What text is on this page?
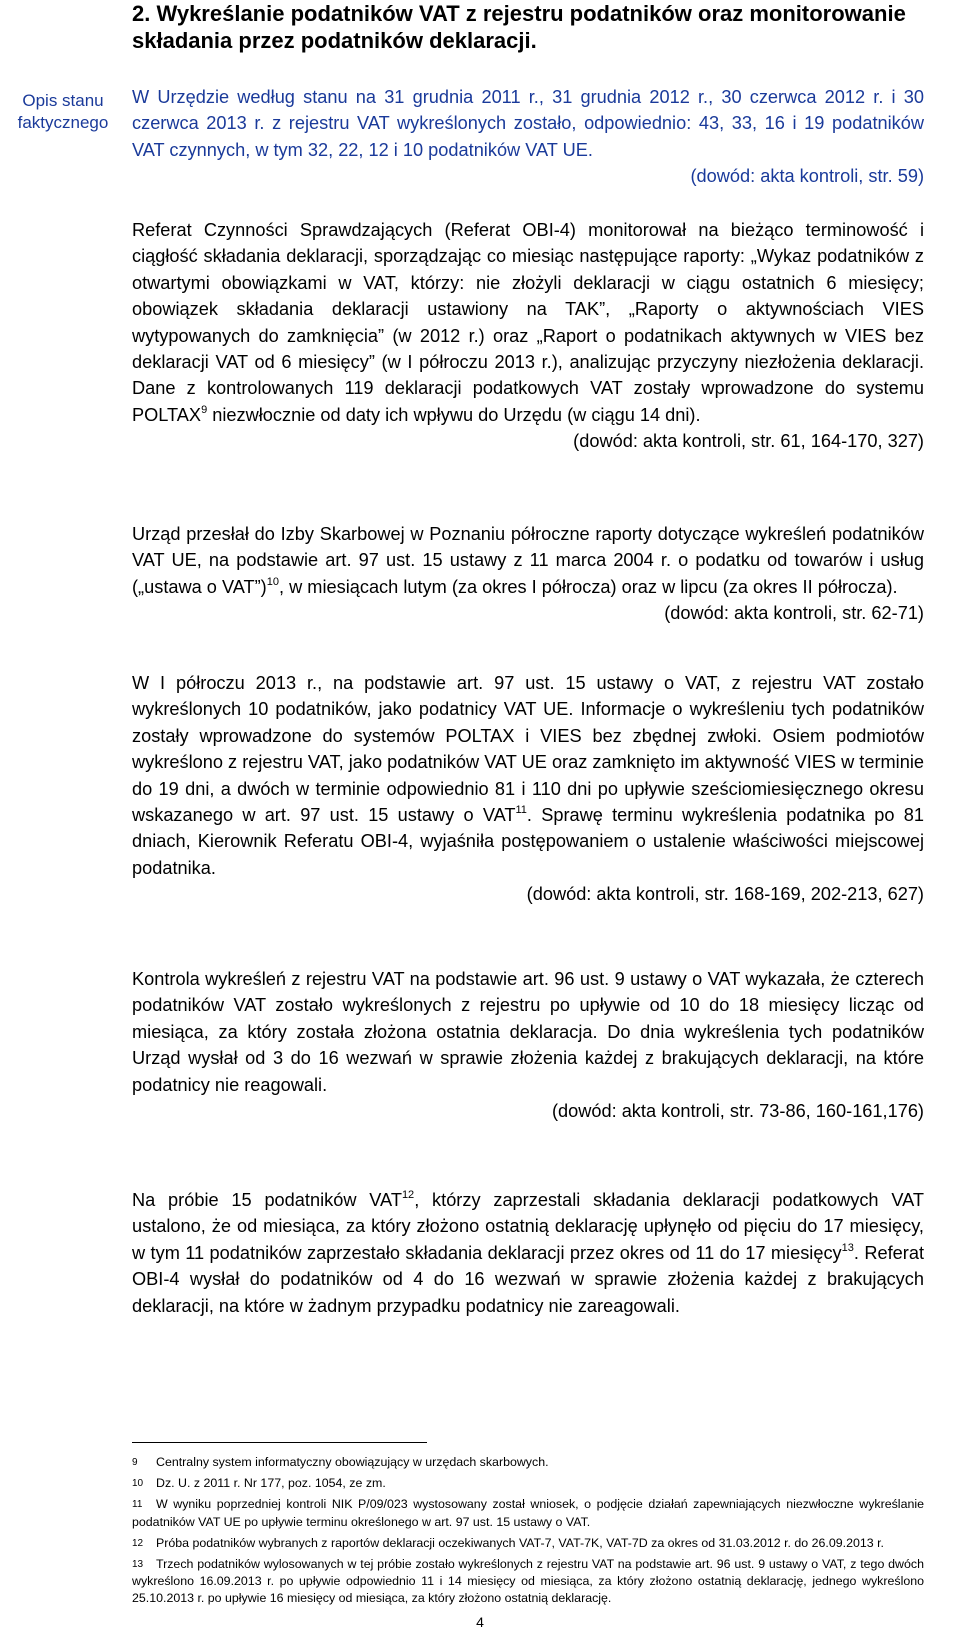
2. Wykreślanie podatników VAT z rejestru podatników oraz monitorowanie składania przez podatników deklaracji.
Opis stanu faktycznego
W Urzędzie według stanu na 31 grudnia 2011 r., 31 grudnia 2012 r., 30 czerwca 2012 r. i 30 czerwca 2013 r. z rejestru VAT wykreślonych zostało, odpowiednio: 43, 33, 16 i 19 podatników VAT czynnych, w tym 32, 22, 12 i 10 podatników VAT UE.
(dowód: akta kontroli, str. 59)
Referat Czynności Sprawdzających (Referat OBI-4) monitorował na bieżąco terminowość i ciągłość składania deklaracji, sporządzając co miesiąc następujące raporty: „Wykaz podatników z otwartymi obowiązkami w VAT, którzy: nie złożyli deklaracji w ciągu ostatnich 6 miesięcy; obowiązek składania deklaracji ustawiony na TAK”, „Raporty o aktywnościach VIES wytypowanych do zamknięcia” (w 2012 r.) oraz „Raport o podatnikach aktywnych w VIES bez deklaracji VAT od 6 miesięcy” (w I półroczu 2013 r.), analizując przyczyny niezłożenia deklaracji. Dane z kontrolowanych 119 deklaracji podatkowych VAT zostały wprowadzone do systemu POLTAX$^9$ niezwłocznie od daty ich wpływu do Urzędu (w ciągu 14 dni).
(dowód: akta kontroli, str. 61, 164-170, 327)
Urząd przesłał do Izby Skarbowej w Poznaniu półroczne raporty dotyczące wykreśleń podatników VAT UE, na podstawie art. 97 ust. 15 ustawy z 11 marca 2004 r. o podatku od towarów i usług („ustawa o VAT”)$^{10}$, w miesiącach lutym (za okres I półrocza) oraz w lipcu (za okres II półrocza).
(dowód: akta kontroli, str. 62-71)
W I półroczu 2013 r., na podstawie art. 97 ust. 15 ustawy o VAT, z rejestru VAT zostało wykreślonych 10 podatników, jako podatnicy VAT UE. Informacje o wykreśleniu tych podatników zostały wprowadzone do systemów POLTAX i VIES bez zbędnej zwłoki. Osiem podmiotów wykreślono z rejestru VAT, jako podatników VAT UE oraz zamknięto im aktywność VIES w terminie do 19 dni, a dwóch w terminie odpowiednio 81 i 110 dni po upływie sześciomiesięcznego okresu wskazanego w art. 97 ust. 15 ustawy o VAT$^{11}$. Sprawę terminu wykreślenia podatnika po 81 dniach, Kierownik Referatu OBI-4, wyjaśniła postępowaniem o ustalenie właściwości miejscowej podatnika.
(dowód: akta kontroli, str. 168-169, 202-213, 627)
Kontrola wykreśleń z rejestru VAT na podstawie art. 96 ust. 9 ustawy o VAT wykazała, że czterech podatników VAT zostało wykreślonych z rejestru po upływie od 10 do 18 miesięcy licząc od miesiąca, za który została złożona ostatnia deklaracja. Do dnia wykreślenia tych podatników Urząd wysłał od 3 do 16 wezwań w sprawie złożenia każdej z brakujących deklaracji, na które podatnicy nie reagowali.
(dowód: akta kontroli, str. 73-86, 160-161,176)
Na próbie 15 podatników VAT$^{12}$, którzy zaprzestali składania deklaracji podatkowych VAT ustalono, że od miesiąca, za który złożono ostatnią deklarację upłynęło od pięciu do 17 miesięcy, w tym 11 podatników zaprzestało składania deklaracji przez okres od 11 do 17 miesięcy$^{13}$. Referat OBI-4 wysłał do podatników od 4 do 16 wezwań w sprawie złożenia każdej z brakujących deklaracji, na które w żadnym przypadku podatnicy nie zareagowali.
9 Centralny system informatyczny obowiązujący w urzędach skarbowych.
10 Dz. U. z 2011 r. Nr 177, poz. 1054, ze zm.
11 W wyniku poprzedniej kontroli NIK P/09/023 wystosowany został wniosek, o podjęcie działań zapewniających niezwłoczne wykreślanie podatników VAT UE po upływie terminu określonego w art. 97 ust. 15 ustawy o VAT.
12 Próba podatników wybranych z raportów deklaracji oczekiwanych VAT-7, VAT-7K, VAT-7D za okres od 31.03.2012 r. do 26.09.2013 r.
13 Trzech podatników wylosowanych w tej próbie zostało wykreślonych z rejestru VAT na podstawie art. 96 ust. 9 ustawy o VAT, z tego dwóch wykreślono 16.09.2013 r. po upływie odpowiednio 11 i 14 miesięcy od miesiąca, za który złożono ostatnią deklarację, jednego wykreślono 25.10.2013 r. po upływie 16 miesięcy od miesiąca, za który złożono ostatnią deklarację.
4
